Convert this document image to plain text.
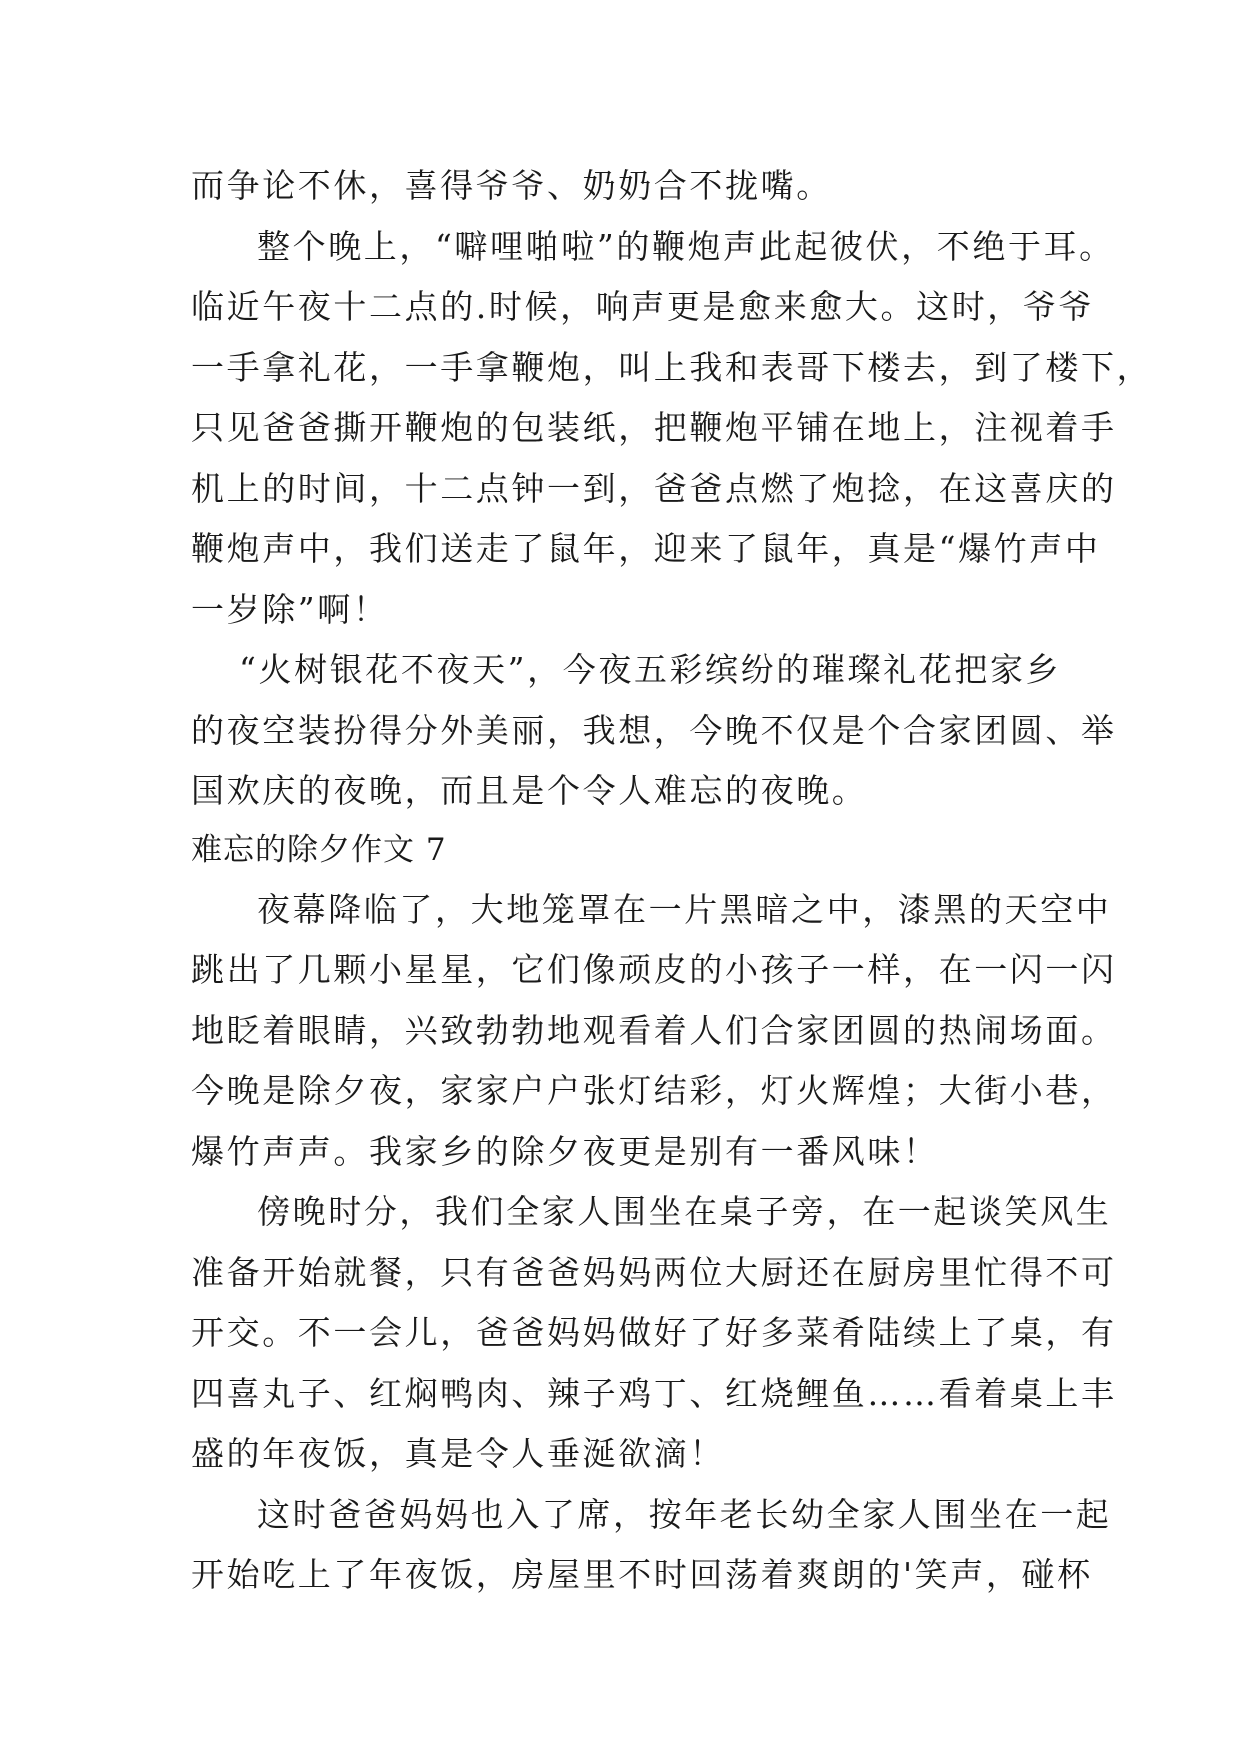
而争论不休，喜得爷爷、奶奶合不拢嘴。
整个晚上，“噼哩啪啦”的鞭炮声此起彼伏，不绝于耳。
临近午夜十二点的.时候，响声更是愈来愈大。这时，爷爷
一手拿礼花，一手拿鞭炮，叫上我和表哥下楼去，到了楼下，
只见爸爸撕开鞭炮的包装纸，把鞭炮平铺在地上，注视着手
机上的时间，十二点钟一到，爸爸点燃了炮捻，在这喜庆的
鞭炮声中，我们送走了鼠年，迎来了鼠年，真是“爆竹声中
一岁除”啊！
“火树银花不夜天”，今夜五彩缤纷的璀璨礼花把家乡
的夜空装扮得分外美丽，我想，今晚不仅是个合家团圆、举
国欢庆的夜晚，而且是个令人难忘的夜晚。
难忘的除夕作文 7
夜幕降临了，大地笼罩在一片黑暗之中，漆黑的天空中
跳出了几颗小星星，它们像顽皮的小孩子一样，在一闪一闪
地眨着眼睛，兴致勃勃地观看着人们合家团圆的热闹场面。
今晚是除夕夜，家家户户张灯结彩，灯火辉煌；大街小巷，
爆竹声声。我家乡的除夕夜更是别有一番风味！
傍晚时分，我们全家人围坐在桌子旁，在一起谈笑风生
准备开始就餐，只有爸爸妈妈两位大厨还在厨房里忙得不可
开交。不一会儿，爸爸妈妈做好了好多菜肴陆续上了桌，有
四喜丸子、红焖鸭肉、辣子鸡丁、红烧鲤鱼……看着桌上丰
盛的年夜饭，真是令人垂涎欲滴！
这时爸爸妈妈也入了席，按年老长幼全家人围坐在一起
开始吃上了年夜饭，房屋里不时回荡着爽朗的'笑声，碰杯
